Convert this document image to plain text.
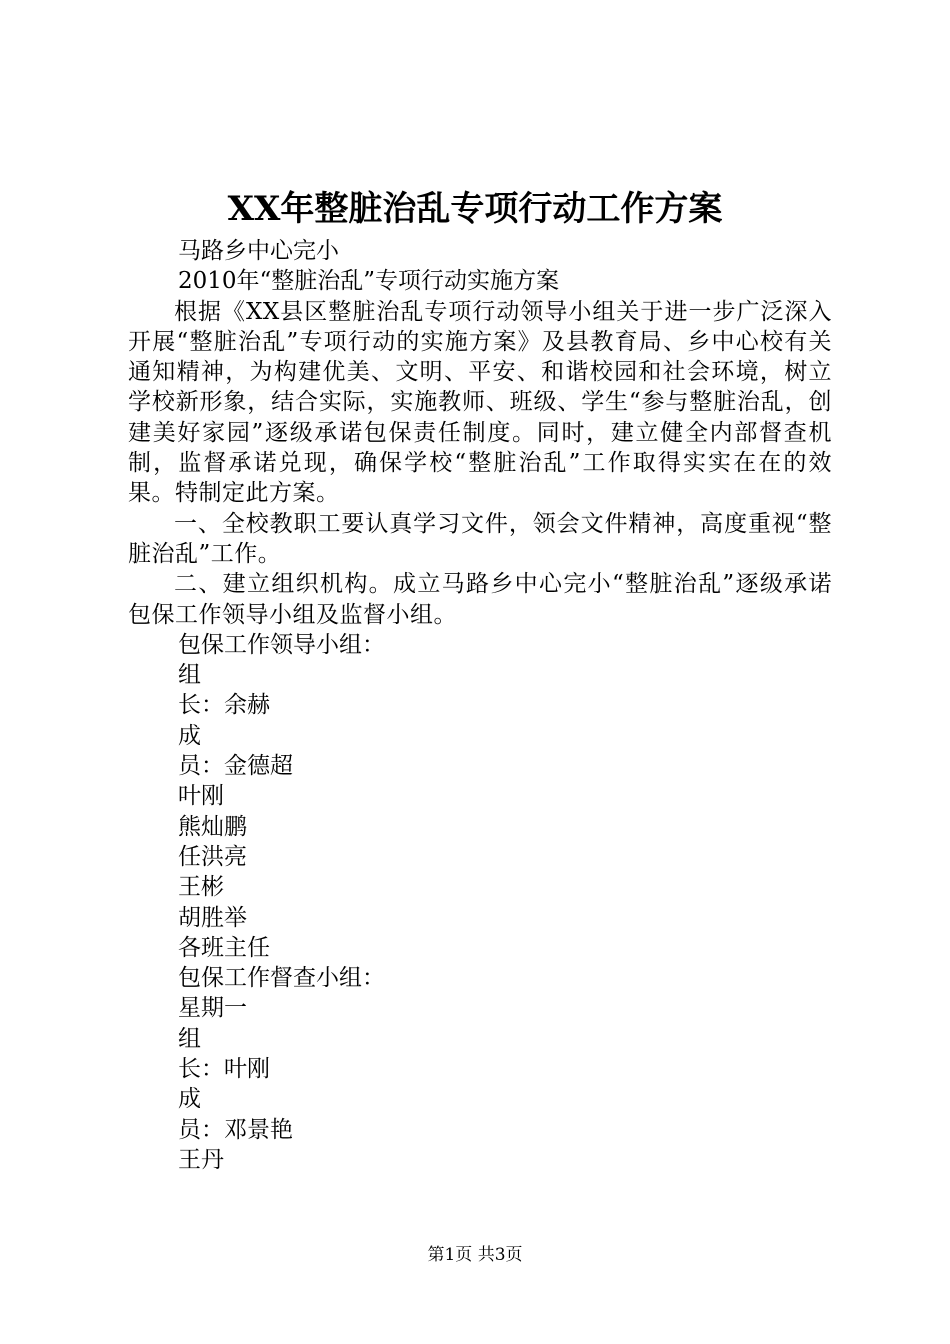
XX年整脏治乱专项行动工作方案

马路乡中心完小

2010年“整脏治乱”专项行动实施方案

根据《XX县区整脏治乱专项行动领导小组关于进一步广泛深入开展“整脏治乱”专项行动的实施方案》及县教育局、乡中心校有关通知精神，为构建优美、文明、平安、和谐校园和社会环境，树立学校新形象，结合实际，实施教师、班级、学生“参与整脏治乱，创建美好家园”逐级承诺包保责任制度。同时，建立健全内部督查机制，监督承诺兑现，确保学校“整脏治乱”工作取得实实在在的效果。特制定此方案。

一、全校教职工要认真学习文件，领会文件精神，高度重视“整脏治乱”工作。

二、建立组织机构。成立马路乡中心完小“整脏治乱”逐级承诺包保工作领导小组及监督小组。

包保工作领导小组：

组

长：余赫

成

员：金德超

叶刚

熊灿鹏

任洪亮

王彬

胡胜举

各班主任

包保工作督查小组：

星期一

组

长：叶刚

成

员：邓景艳

王丹

第1页 共3页
